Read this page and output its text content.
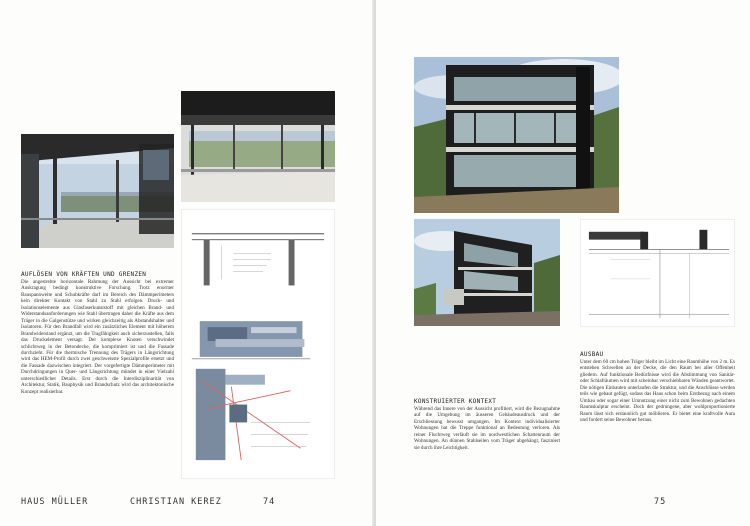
AUFLÖSEN VON KRÄFTEN UND GRENZEN
Die angestrebte horizontale Rahmung der Aussicht bei extremer Auskragung bedingt konstruktive Forschung. Trotz enormer Bauspannweite und Schubkräfte darf im Bereich des Dämmperimeters kein direkter Kontakt von Stahl zu Stahl erfolgen. Druck- und Isolationselemente aus Glasfaserkunststoff mit gleichen Brand- und Widerstandsanforderungen wie Stahl übertragen daher die Kräfte aus dem Träger in die Galgenstütze und wirken gleichzeitig als Abstandshalter und Isolatoren. Für den Brandfall wird ein zusätzliches Element mit höherem Brandwiderstand ergänzt, um die Tragfähigkeit auch sicherzustellen, falls das Druckelement versagt. Der komplexe Knoten verschwindet schlichtweg in der Betondecke, die komprimiert ist und die Fassade durchzieht. Für die thermische Trennung des Trägers in Längsrichtung wird das HEM-Profil durch zwei geschweisste Spezialprofile ersetzt und die Fassade dazwischen integriert. Der vorgefertigte Dämmperimeter mit Durchdringungen in Quer- und Längsrichtung mündet in einer Vielzahl unterschiedlicher Details. Erst durch die Interdisziplinarität von Architektur, Statik, Bauphysik und Brandschutz wird das architektonische Konzept realisierbar.
HAUS MÜLLER	CHRISTIAN KEREZ	74
KONSTRUIERTER KONTEXT
Während das Innere von der Aussicht profitiert, wird die Bezugnahme auf die Umgebung im äusseren Gebäudeausdruck und der Erschliessung bewusst umgangen. Im Kontext individualisierter Wohnungen hat die Treppe funktional an Bedeutung verloren. Als reiner Fluchtweg verläuft sie im nordwestlichen Schattenraum der Wohnungen. An dünnen Stahlseilen vom Träger abgehängt, fasziniert sie durch ihre Leichtigkeit.
AUSBAU
Unter dem 60 cm hohen Träger bleibt im Licht eine Raumhöhe von 2 m. Es entstehen Schwellen an der Decke, die den Raum bei aller Offenheit gliedern. Auf funktionale Bedürfnisse wird die Abstimmung von Sanitär- oder Schlafräumen wird mit scheinbar verschiebbaren Wänden geantwortet. Die nötigen Einbauten unterlaufen die Struktur, und die Anschlüsse werden teils wie gebaut gefügt, sodass das Haus schon beim Erstbezug nach einem Umbau oder sogar einer Umnutzung einer nicht zum Bewohnen gedachten Raumskulptur erscheint. Doch der gedrungene, aber wohlproportionierte Raum lässt sich erstaunlich gut möblieren. Er bietet eine kraftvolle Aura und fordert seine Bewohner heraus.
75
